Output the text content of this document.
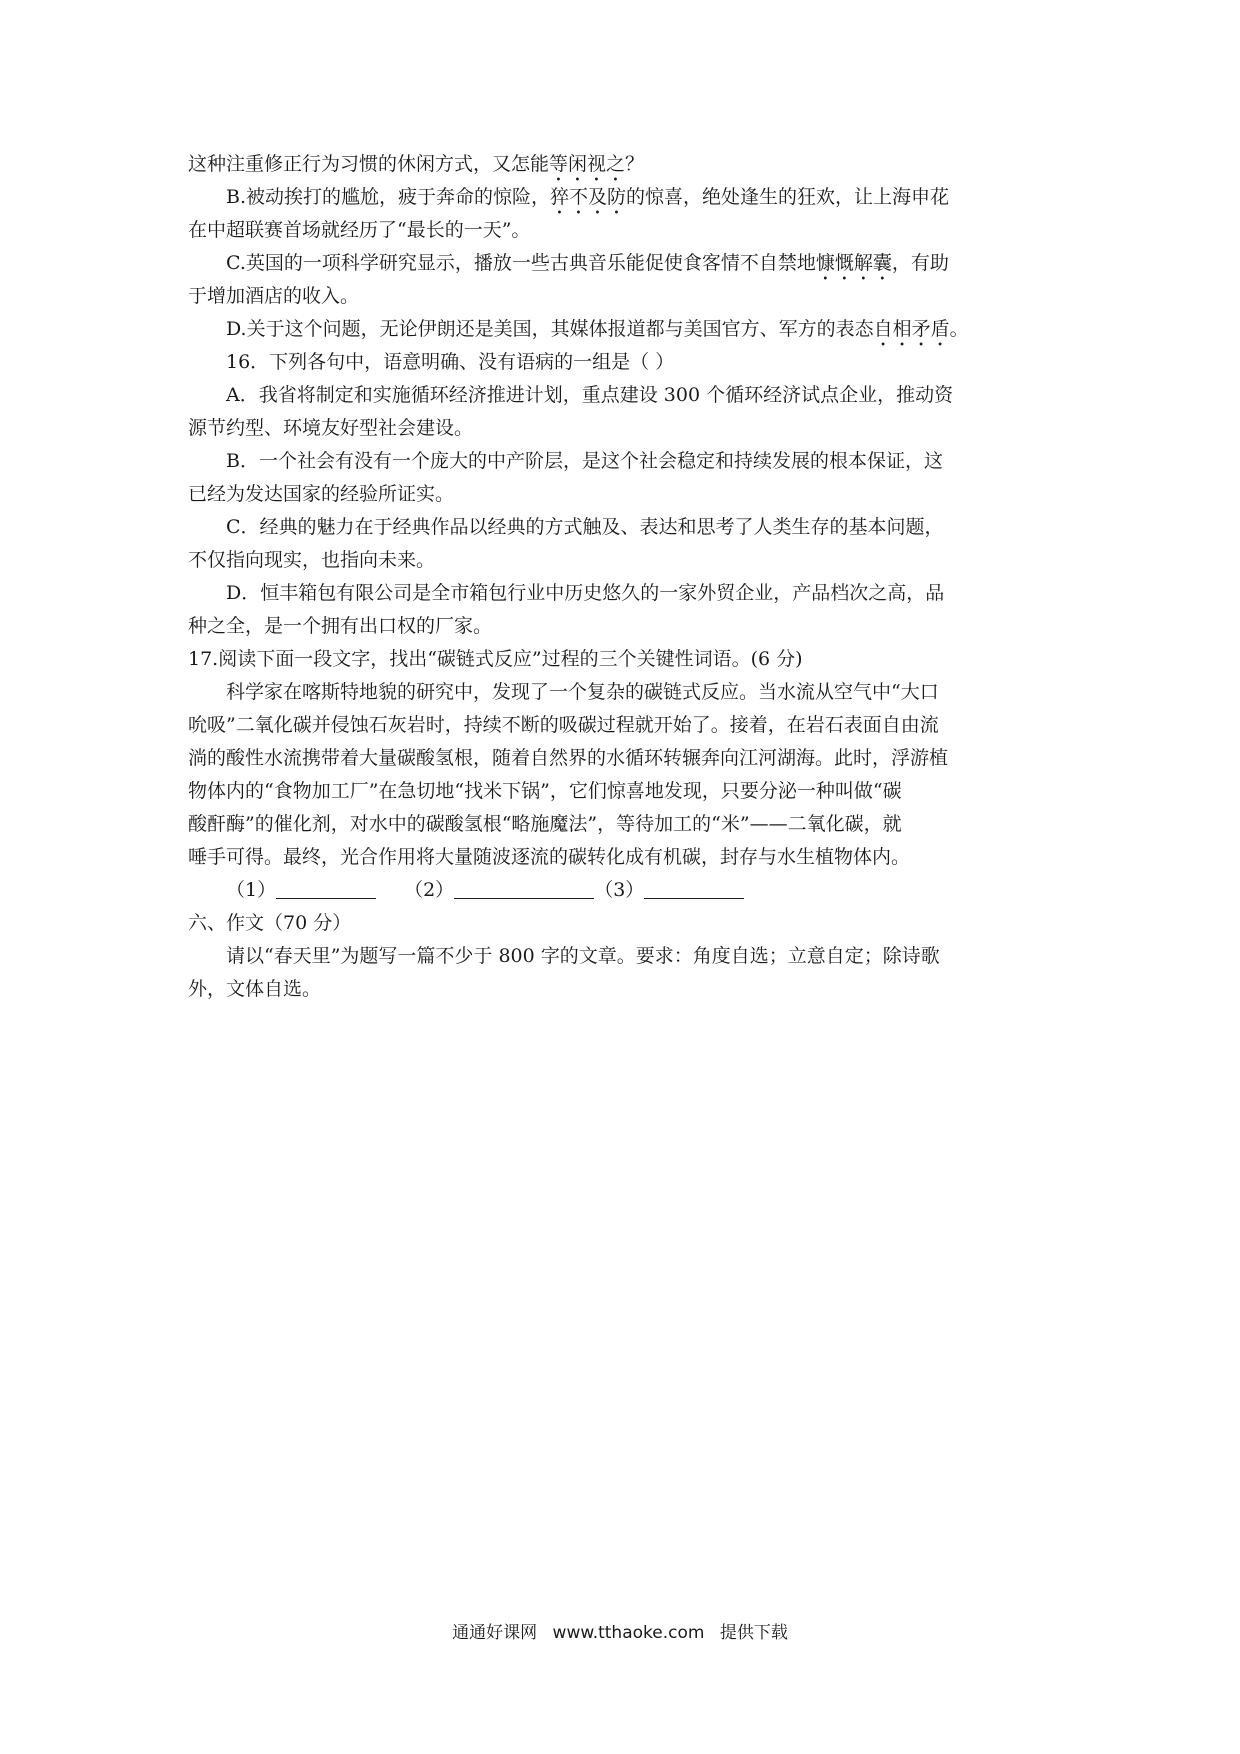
这种注重修正行为习惯的休闲方式，又怎能等闲视之？
B.被动挨打的尴尬，疲于奔命的惊险，猝不及防的惊喜，绝处逢生的狂欢，让上海申花
在中超联赛首场就经历了“最长的一天”。
C.英国的一项科学研究显示，播放一些古典音乐能促使食客情不自禁地慷慨解囊，有助
于增加酒店的收入。
D.关于这个问题，无论伊朗还是美国，其媒体报道都与美国官方、军方的表态自相矛盾。
16．下列各句中，语意明确、没有语病的一组是（ ）
A．我省将制定和实施循环经济推进计划，重点建设 300 个循环经济试点企业，推动资
源节约型、环境友好型社会建设。
B．一个社会有没有一个庞大的中产阶层，是这个社会稳定和持续发展的根本保证，这
已经为发达国家的经验所证实。
C．经典的魅力在于经典作品以经典的方式触及、表达和思考了人类生存的基本问题，
不仅指向现实，也指向未来。
D．恒丰箱包有限公司是全市箱包行业中历史悠久的一家外贸企业，产品档次之高，品
种之全，是一个拥有出口权的厂家。
17.阅读下面一段文字，找出“碳链式反应”过程的三个关键性词语。(6 分)
科学家在喀斯特地貌的研究中，发现了一个复杂的碳链式反应。当水流从空气中“大口
吮吸”二氧化碳并侵蚀石灰岩时，持续不断的吸碳过程就开始了。接着，在岩石表面自由流
淌的酸性水流携带着大量碳酸氢根，随着自然界的水循环转辗奔向江河湖海。此时，浮游植
物体内的“食物加工厂”在急切地“找米下锅”，它们惊喜地发现，只要分泌一种叫做“碳
酸酐酶”的催化剂，对水中的碳酸氢根“略施魔法”，等待加工的“米”——二氧化碳，就
唾手可得。最终，光合作用将大量随波逐流的碳转化成有机碳，封存与水生植物体内。
（1）	（2）	（3）
六、作文（70 分）
请以“春天里”为题写一篇不少于 800 字的文章。要求：角度自选；立意自定；除诗歌
外，文体自选。
通通好课网 www.tthaoke.com 提供下载
